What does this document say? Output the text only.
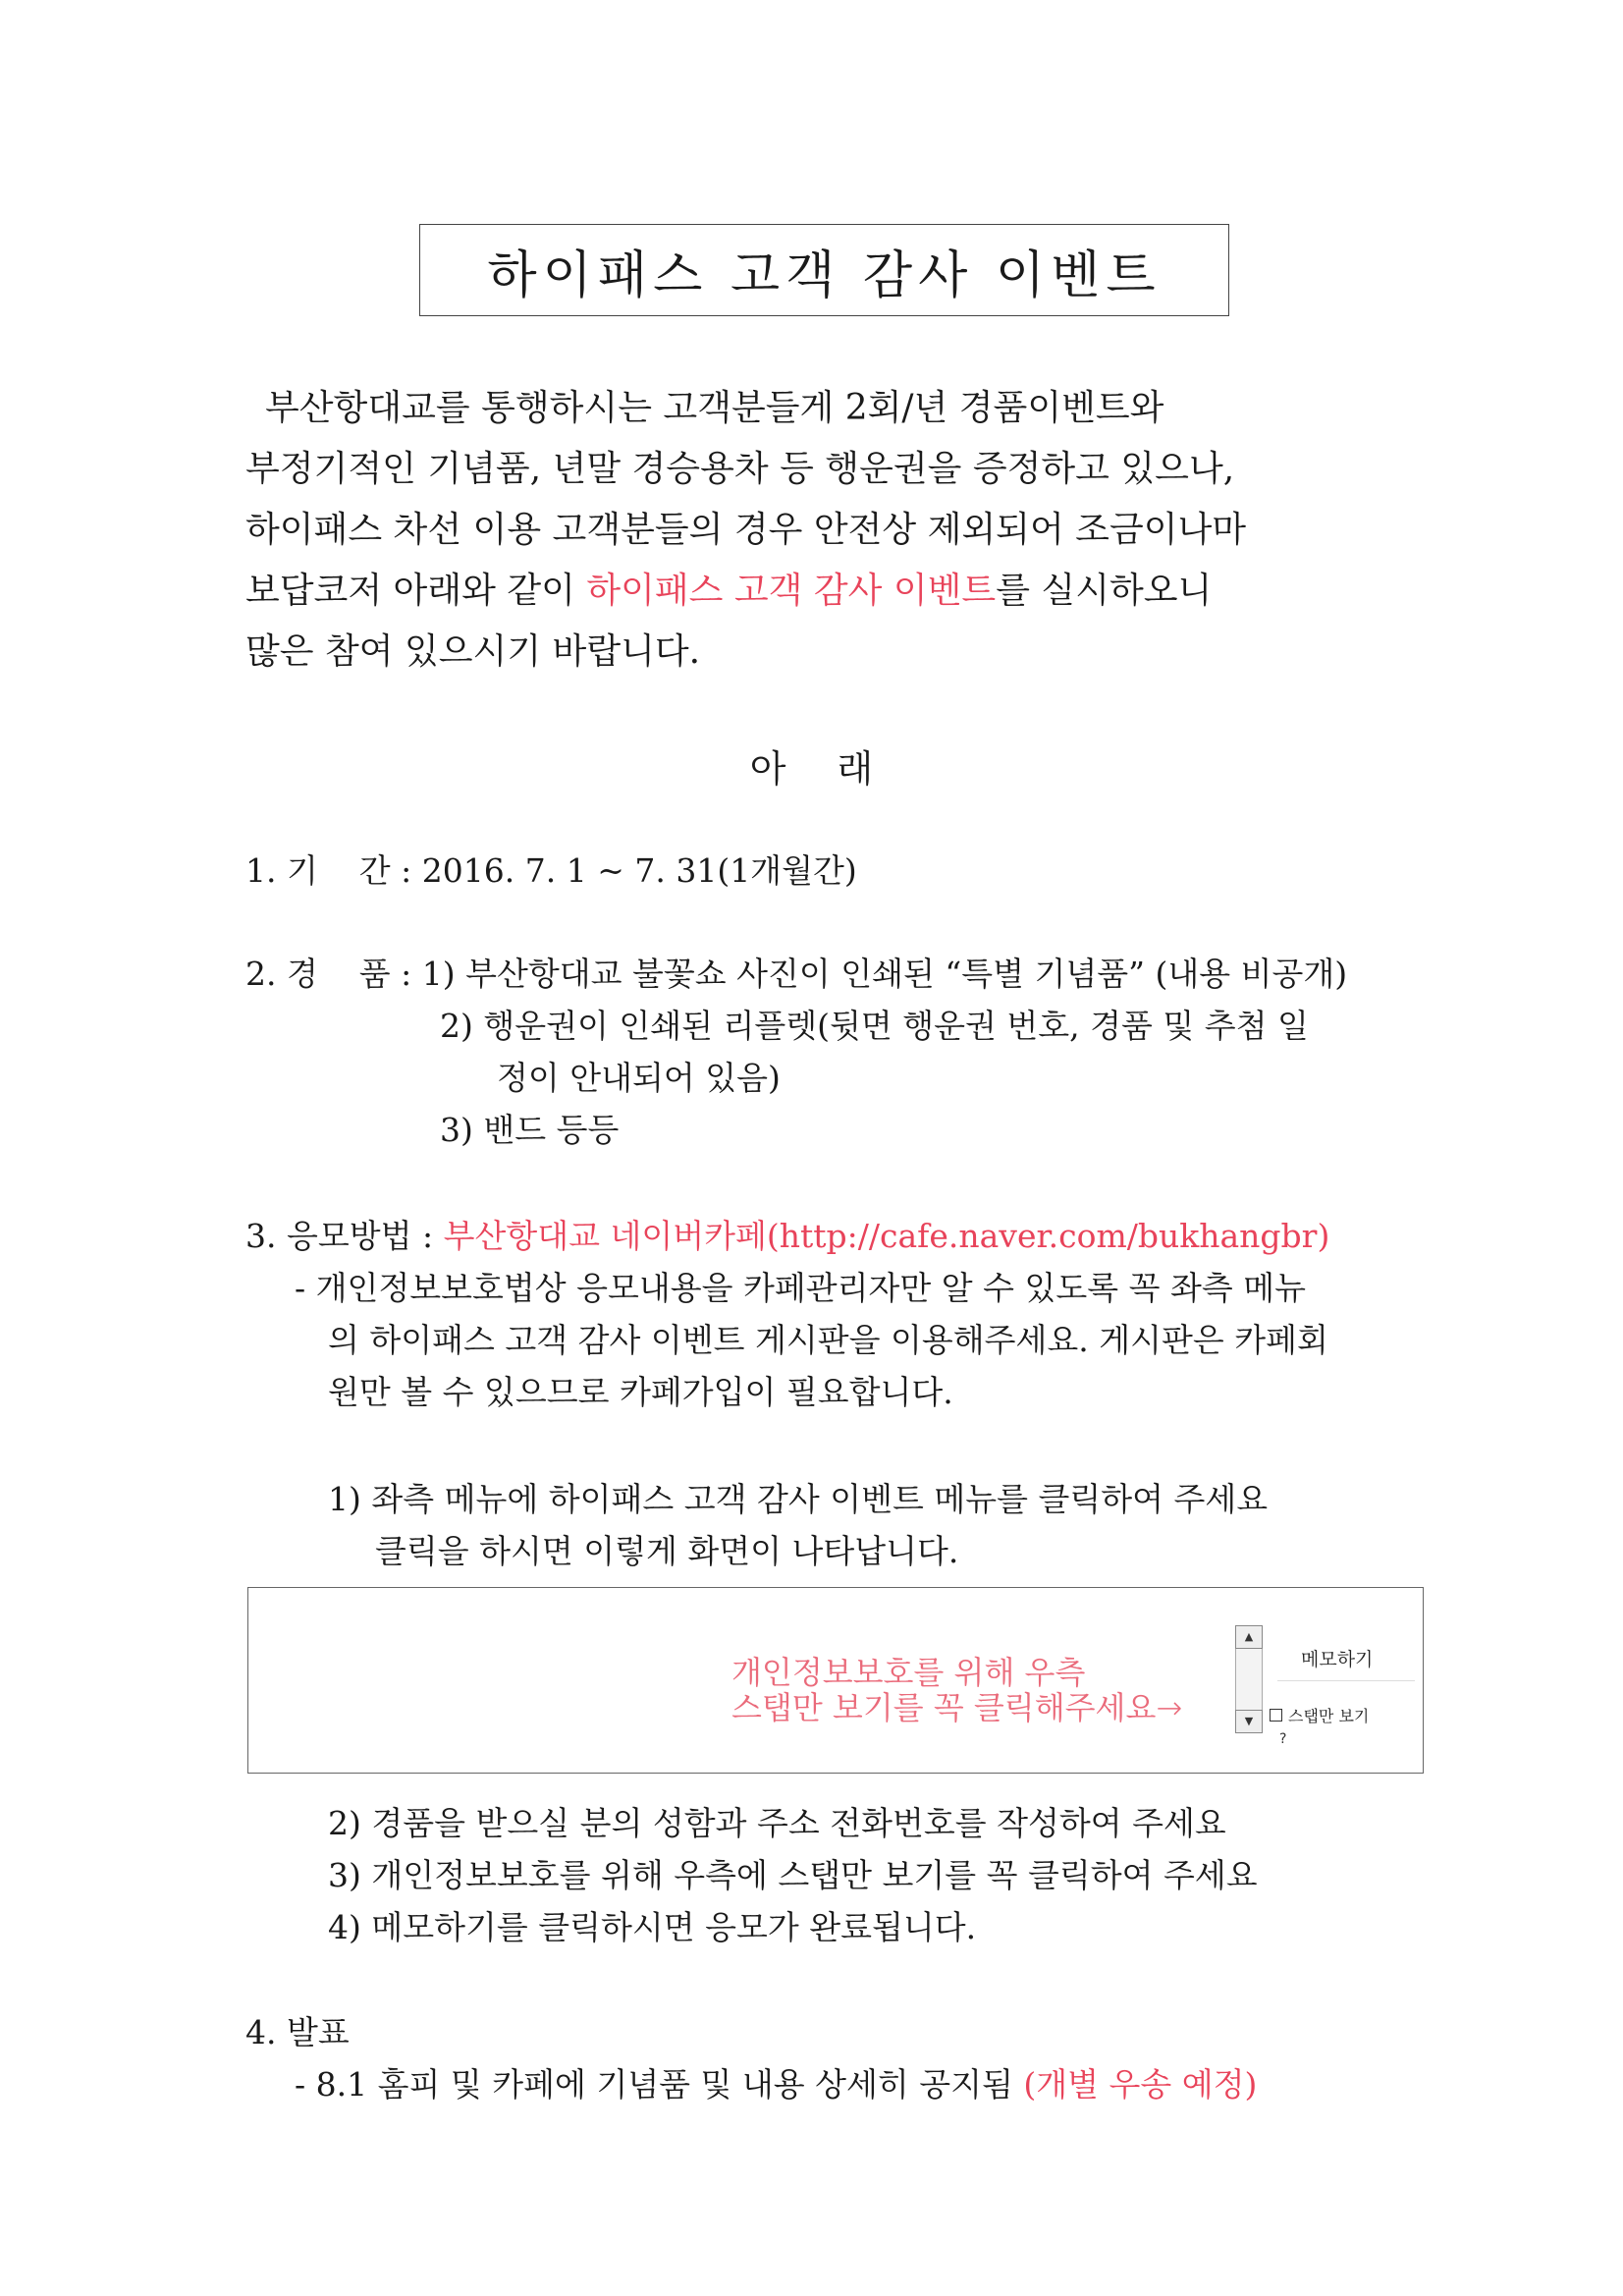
하이패스 고객 감사 이벤트
부산항대교를 통행하시는 고객분들게 2회/년 경품이벤트와
부정기적인 기념품, 년말 경승용차 등 행운권을 증정하고 있으나,
하이패스 차선 이용 고객분들의 경우 안전상 제외되어 조금이나마
보답코저 아래와 같이 하이패스 고객 감사 이벤트를 실시하오니
많은 참여 있으시기 바랍니다.
아 래
1. 기    간 : 2016. 7. 1 ~ 7. 31(1개월간)
2. 경    품 : 1) 부산항대교 불꽃쇼 사진이 인쇄된 “특별 기념품” (내용 비공개)
2) 행운권이 인쇄된 리플렛(뒷면 행운권 번호, 경품 및 추첨 일
정이 안내되어 있음)
3) 밴드 등등
3. 응모방법 : 부산항대교 네이버카페(http://cafe.naver.com/bukhangbr)
- 개인정보보호법상 응모내용을 카페관리자만 알 수 있도록 꼭 좌측 메뉴
의 하이패스 고객 감사 이벤트 게시판을 이용해주세요. 게시판은 카페회
원만 볼 수 있으므로 카페가입이 필요합니다.
1) 좌측 메뉴에 하이패스 고객 감사 이벤트 메뉴를 클릭하여 주세요
클릭을 하시면 이렇게 화면이 나타납니다.
개인정보보호를 위해 우측
스탭만 보기를 꼭 클릭해주세요→
▲
▼
메모하기
스탭만 보기
?
2) 경품을 받으실 분의 성함과 주소 전화번호를 작성하여 주세요
3) 개인정보보호를 위해 우측에 스탭만 보기를 꼭 클릭하여 주세요
4) 메모하기를 클릭하시면 응모가 완료됩니다.
4. 발표
- 8.1 홈피 및 카페에 기념품 및 내용 상세히 공지됨 (개별 우송 예정)
